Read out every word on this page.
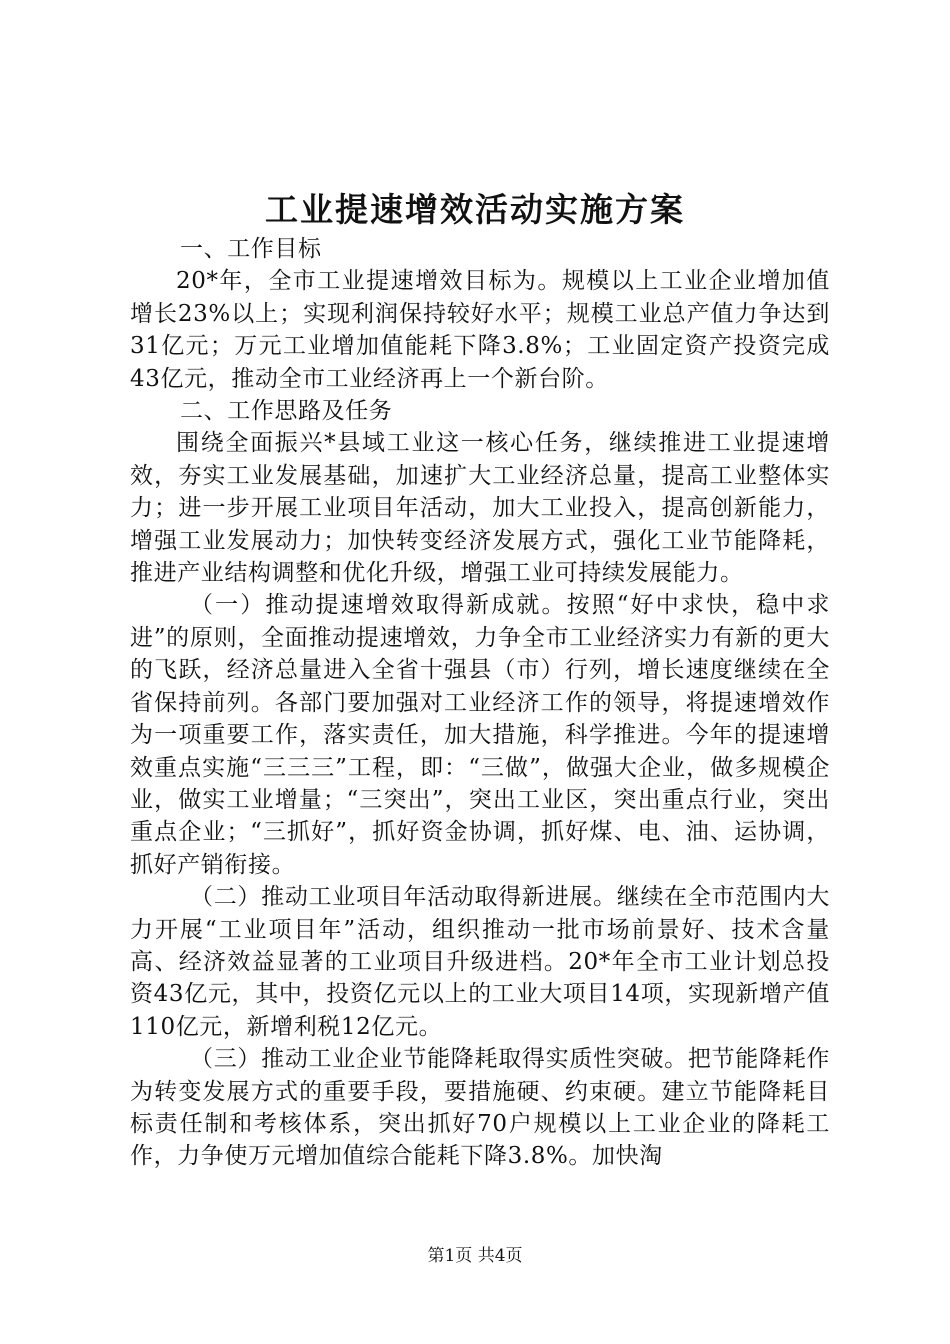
工业提速增效活动实施方案

一、工作目标

20*年，全市工业提速增效目标为。规模以上工业企业增加值增长23%以上；实现利润保持较好水平；规模工业总产值力争达到31亿元；万元工业增加值能耗下降3.8%；工业固定资产投资完成43亿元，推动全市工业经济再上一个新台阶。

二、工作思路及任务

围绕全面振兴*县域工业这一核心任务，继续推进工业提速增效，夯实工业发展基础，加速扩大工业经济总量，提高工业整体实力；进一步开展工业项目年活动，加大工业投入，提高创新能力，增强工业发展动力；加快转变经济发展方式，强化工业节能降耗，推进产业结构调整和优化升级，增强工业可持续发展能力。

（一）推动提速增效取得新成就。按照“好中求快，稳中求进”的原则，全面推动提速增效，力争全市工业经济实力有新的更大的飞跃，经济总量进入全省十强县（市）行列，增长速度继续在全省保持前列。各部门要加强对工业经济工作的领导，将提速增效作为一项重要工作，落实责任，加大措施，科学推进。今年的提速增效重点实施“三三三”工程，即：“三做”，做强大企业，做多规模企业，做实工业增量；“三突出”，突出工业区，突出重点行业，突出重点企业；“三抓好”，抓好资金协调，抓好煤、电、油、运协调，抓好产销衔接。

（二）推动工业项目年活动取得新进展。继续在全市范围内大力开展“工业项目年”活动，组织推动一批市场前景好、技术含量高、经济效益显著的工业项目升级进档。20*年全市工业计划总投资43亿元，其中，投资亿元以上的工业大项目14项，实现新增产值110亿元，新增利税12亿元。

（三）推动工业企业节能降耗取得实质性突破。把节能降耗作为转变发展方式的重要手段，要措施硬、约束硬。建立节能降耗目标责任制和考核体系，突出抓好70户规模以上工业企业的降耗工作，力争使万元增加值综合能耗下降3.8%。加快淘

第1页 共4页
